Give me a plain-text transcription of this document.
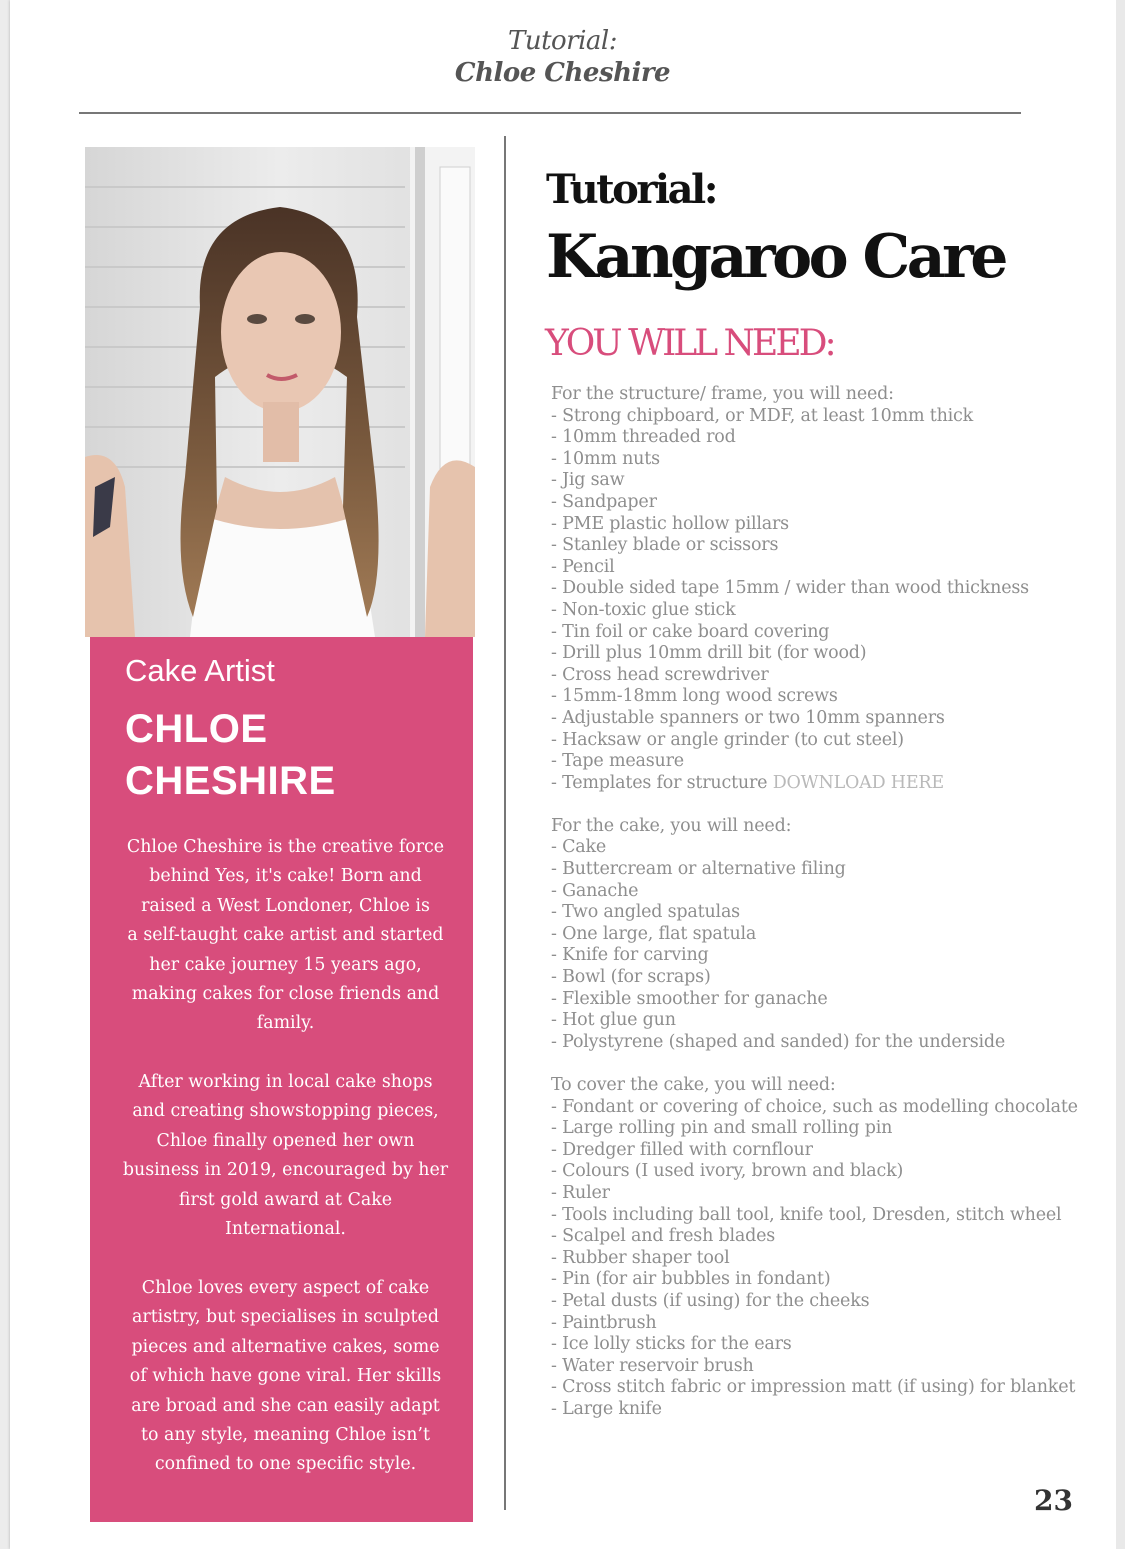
Tutorial:
Chloe Cheshire
Cake Artist
CHLOE
CHESHIRE
Chloe Cheshire is the creative force
behind Yes, it's cake! Born and
raised a West Londoner, Chloe is
a self-taught cake artist and started
her cake journey 15 years ago,
making cakes for close friends and
family.
After working in local cake shops
and creating showstopping pieces,
Chloe finally opened her own
business in 2019, encouraged by her
first gold award at Cake
International.
Chloe loves every aspect of cake
artistry, but specialises in sculpted
pieces and alternative cakes, some
of which have gone viral. Her skills
are broad and she can easily adapt
to any style, meaning Chloe isn’t
confined to one specific style.
Tutorial:
Kangaroo Care
YOU WILL NEED:
For the structure/ frame, you will need:
- Strong chipboard, or MDF, at least 10mm thick
- 10mm threaded rod
- 10mm nuts
- Jig saw
- Sandpaper
- PME plastic hollow pillars
- Stanley blade or scissors
- Pencil
- Double sided tape 15mm / wider than wood thickness
- Non-toxic glue stick
- Tin foil or cake board covering
- Drill plus 10mm drill bit (for wood)
- Cross head screwdriver
- 15mm-18mm long wood screws
- Adjustable spanners or two 10mm spanners
- Hacksaw or angle grinder (to cut steel)
- Tape measure
- Templates for structure DOWNLOAD HERE
For the cake, you will need:
- Cake
- Buttercream or alternative filing
- Ganache
- Two angled spatulas
- One large, flat spatula
- Knife for carving
- Bowl (for scraps)
- Flexible smoother for ganache
- Hot glue gun
- Polystyrene (shaped and sanded) for the underside
To cover the cake, you will need:
- Fondant or covering of choice, such as modelling chocolate
- Large rolling pin and small rolling pin
- Dredger filled with cornflour
- Colours (I used ivory, brown and black)
- Ruler
- Tools including ball tool, knife tool, Dresden, stitch wheel
- Scalpel and fresh blades
- Rubber shaper tool
- Pin (for air bubbles in fondant)
- Petal dusts (if using) for the cheeks
- Paintbrush
- Ice lolly sticks for the ears
- Water reservoir brush
- Cross stitch fabric or impression matt (if using) for blanket
- Large knife
23
